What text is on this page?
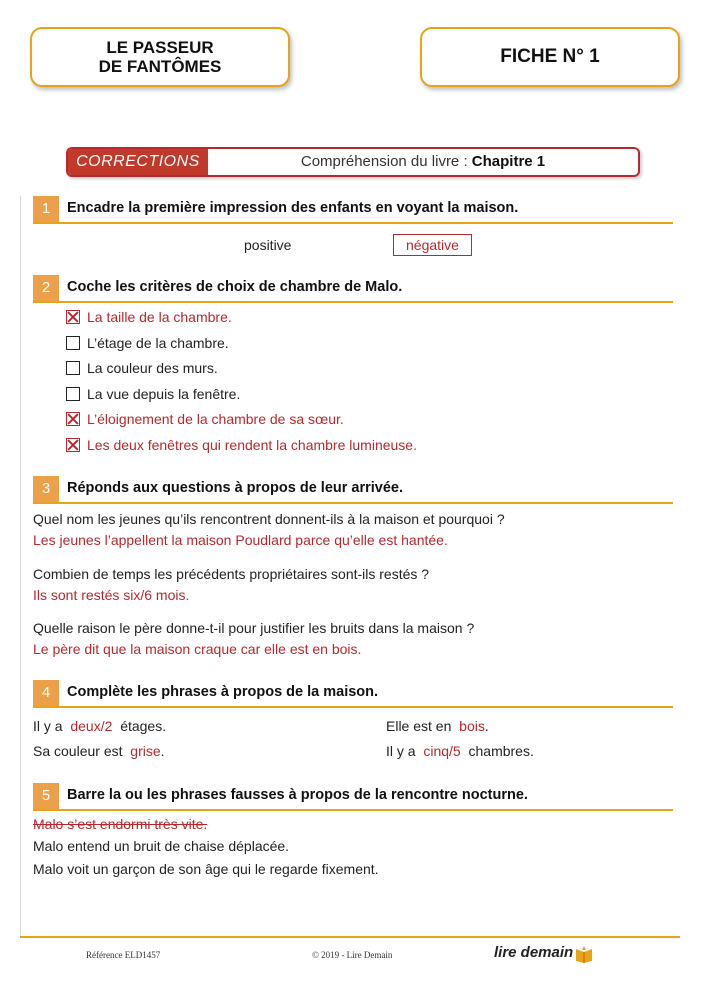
LE PASSEUR
DE FANTÔMES	FICHE N° 1
CORRECTIONS	Compréhension du livre : Chapitre 1
1	Encadre la première impression des enfants en voyant la maison.
positive	négative
2	Coche les critères de choix de chambre de Malo.
La taille de la chambre.
L’étage de la chambre.
La couleur des murs.
La vue depuis la fenêtre.
L’éloignement de la chambre de sa sœur.
Les deux fenêtres qui rendent la chambre lumineuse.
3	Réponds aux questions à propos de leur arrivée.
Quel nom les jeunes qu’ils rencontrent donnent-ils à la maison et pourquoi ?
Les jeunes l’appellent la maison Poudlard parce qu’elle est hantée.
Combien de temps les précédents propriétaires sont-ils restés ?
Ils sont restés six/6 mois.
Quelle raison le père donne-t-il pour justifier les bruits dans la maison ?
Le père dit que la maison craque car elle est en bois.
4	Complète les phrases à propos de la maison.
Il y a deux/2 étages.	Elle est en bois.
Sa couleur est grise.	Il y a cinq/5 chambres.
5	Barre la ou les phrases fausses à propos de la rencontre nocturne.
Malo s’est endormi très vite.
Malo entend un bruit de chaise déplacée.
Malo voit un garçon de son âge qui le regarde fixement.
Référence ELD1457	© 2019 - Lire Demain	lire demain
